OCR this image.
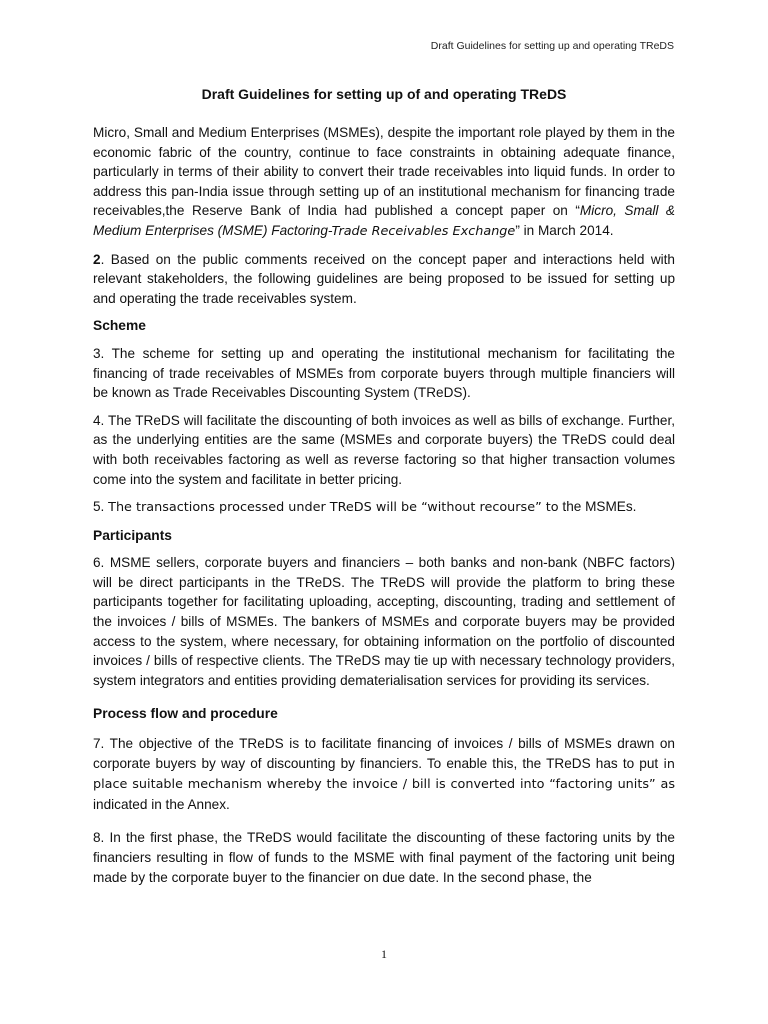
Draft Guidelines for setting up and operating TReDS
Draft Guidelines for setting up of and operating TReDS

Micro, Small and Medium Enterprises (MSMEs), despite the important role played by them in the economic fabric of the country, continue to face constraints in obtaining adequate finance, particularly in terms of their ability to convert their trade receivables into liquid funds. In order to address this pan-India issue through setting up of an institutional mechanism for financing trade receivables,the Reserve Bank of India had published a concept paper on “Micro, Small & Medium Enterprises (MSME) Factoring-Trade Receivables Exchange” in March 2014.

2. Based on the public comments received on the concept paper and interactions held with relevant stakeholders, the following guidelines are being proposed to be issued for setting up and operating the trade receivables system.

Scheme

3. The scheme for setting up and operating the institutional mechanism for facilitating the financing of trade receivables of MSMEs from corporate buyers through multiple financiers will be known as Trade Receivables Discounting System (TReDS).

4. The TReDS will facilitate the discounting of both invoices as well as bills of exchange. Further, as the underlying entities are the same (MSMEs and corporate buyers) the TReDS could deal with both receivables factoring as well as reverse factoring so that higher transaction volumes come into the system and facilitate in better pricing.

5. The transactions processed under TReDS will be “without recourse” to the MSMEs.

Participants

6. MSME sellers, corporate buyers and financiers – both banks and non-bank (NBFC factors) will be direct participants in the TReDS. The TReDS will provide the platform to bring these participants together for facilitating uploading, accepting, discounting, trading and settlement of the invoices / bills of MSMEs. The bankers of MSMEs and corporate buyers may be provided access to the system, where necessary, for obtaining information on the portfolio of discounted invoices / bills of respective clients. The TReDS may tie up with necessary technology providers, system integrators and entities providing dematerialisation services for providing its services.

Process flow and procedure

7. The objective of the TReDS is to facilitate financing of invoices / bills of MSMEs drawn on corporate buyers by way of discounting by financiers. To enable this, the TReDS has to put in place suitable mechanism whereby the invoice / bill is converted into “factoring units” as indicated in the Annex.

8. In the first phase, the TReDS would facilitate the discounting of these factoring units by the financiers resulting in flow of funds to the MSME with final payment of the factoring unit being made by the corporate buyer to the financier on due date. In the second phase, the

1
